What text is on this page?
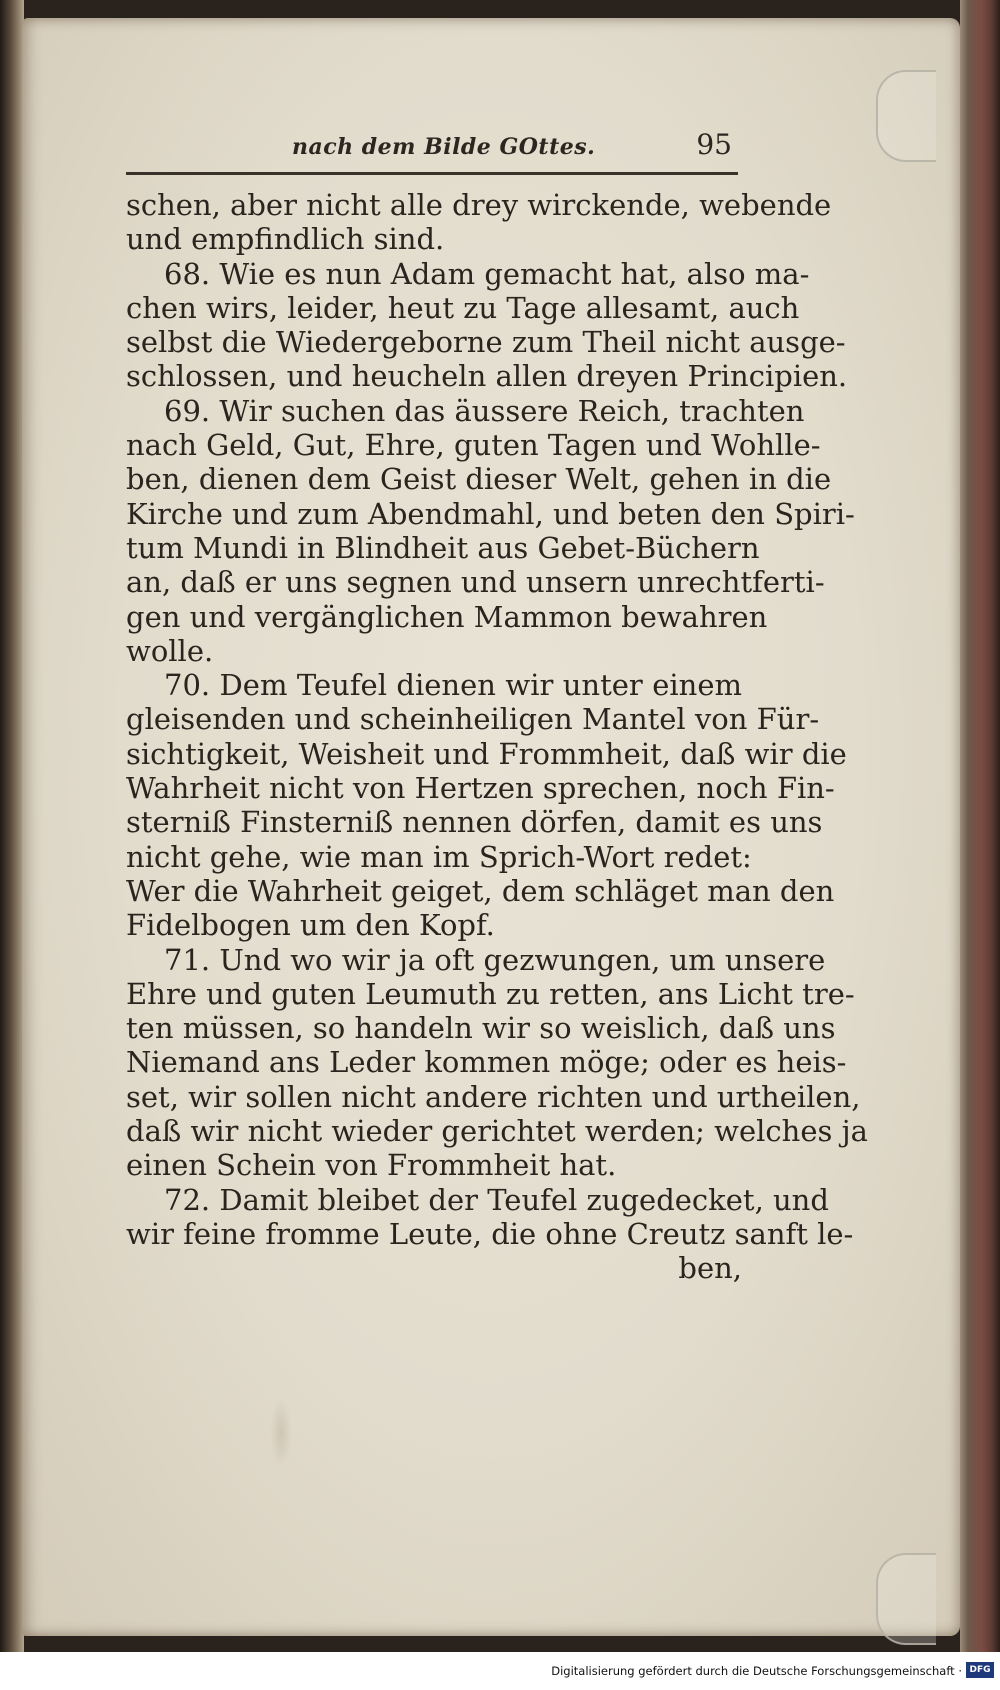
nach dem Bilde GOttes.	95
schen, aber nicht alle drey wirckende, webende
und empfindlich sind.
68. Wie es nun Adam gemacht hat, also ma-
chen wirs, leider, heut zu Tage allesamt, auch
selbst die Wiedergeborne zum Theil nicht ausge-
schlossen, und heucheln allen dreyen Principien.
69. Wir suchen das äussere Reich, trachten
nach Geld, Gut, Ehre, guten Tagen und Wohlle-
ben, dienen dem Geist dieser Welt, gehen in die
Kirche und zum Abendmahl, und beten den Spiri-
tum Mundi in Blindheit aus Gebet-Büchern
an, daß er uns segnen und unsern unrechtferti-
gen und vergänglichen Mammon bewahren
wolle.
70. Dem Teufel dienen wir unter einem
gleisenden und scheinheiligen Mantel von Für-
sichtigkeit, Weisheit und Frommheit, daß wir die
Wahrheit nicht von Hertzen sprechen, noch Fin-
sterniß Finsterniß nennen dörfen, damit es uns
nicht gehe, wie man im Sprich-Wort redet:
Wer die Wahrheit geiget, dem schläget man den
Fidelbogen um den Kopf.
71. Und wo wir ja oft gezwungen, um unsere
Ehre und guten Leumuth zu retten, ans Licht tre-
ten müssen, so handeln wir so weislich, daß uns
Niemand ans Leder kommen möge; oder es heis-
set, wir sollen nicht andere richten und urtheilen,
daß wir nicht wieder gerichtet werden; welches ja
einen Schein von Frommheit hat.
72. Damit bleibet der Teufel zugedecket, und
wir feine fromme Leute, die ohne Creutz sanft le-
ben,
Digitalisierung gefördert durch die Deutsche Forschungsgemeinschaft · DFG
